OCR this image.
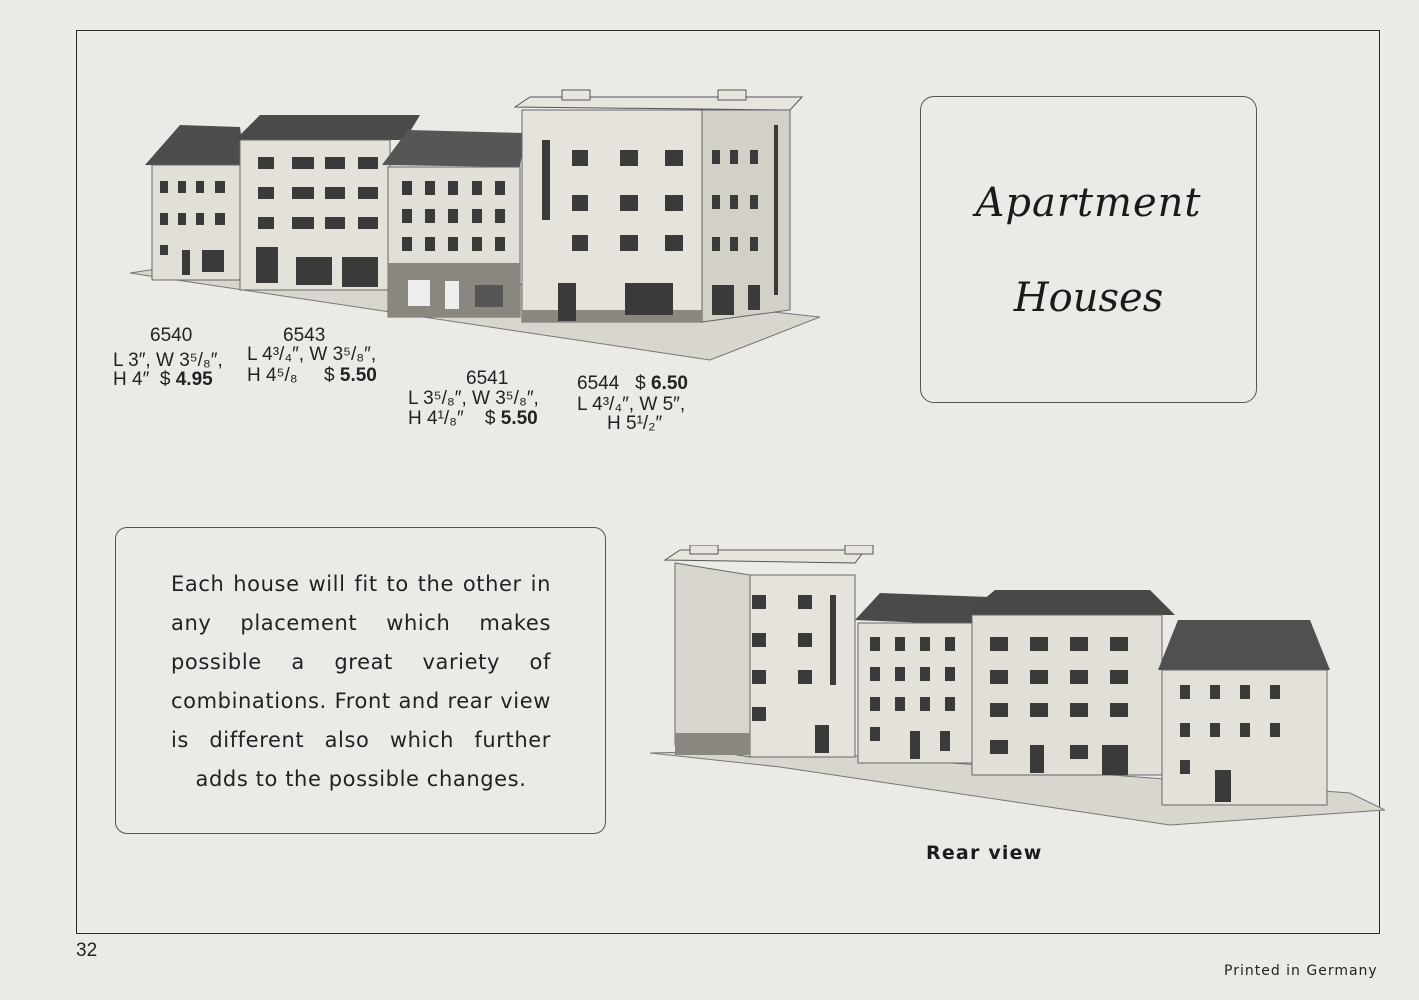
6540
L 3″, W 3⁵/₈″,
H 4″ $ 4.95
6543
L 4³/₄″, W 3⁵/₈″,
H 4⁵/₈ $ 5.50	6541
L 3⁵/₈″, W 3⁵/₈″,
H 4¹/₈″ $ 5.50
6544 $ 6.50
L 4³/₄″, W 5″,
H 5¹/₂″
Apartment
Houses
Each house will fit to the other in any placement which makes possible a great variety of combinations. Front and rear view is different also which further adds to the possible changes.
Rear view
32
Printed in Germany
